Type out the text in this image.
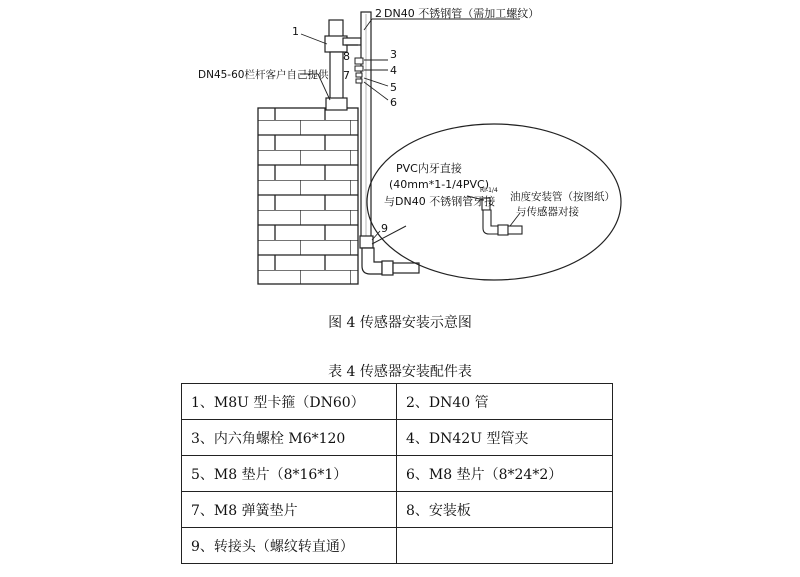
1
2
3
4
5
6
7
8
9
DN40 不锈钢管（需加工螺纹）
DN45-60栏杆客户自己提供
PVC内牙直接
(40mm*1-1/4PVC)
与DN40 不锈钢管牙接
RI-1/4
油度安装管（按图纸）
与传感器对接
图 4 传感器安装示意图
表 4 传感器安装配件表
1、M8U 型卡箍（DN60）	2、DN40 管
3、内六角螺栓 M6*120	4、DN42U 型管夹
5、M8 垫片（8*16*1）	6、M8 垫片（8*24*2）
7、M8 弹簧垫片	8、安装板
9、转接头（螺纹转直通）	
